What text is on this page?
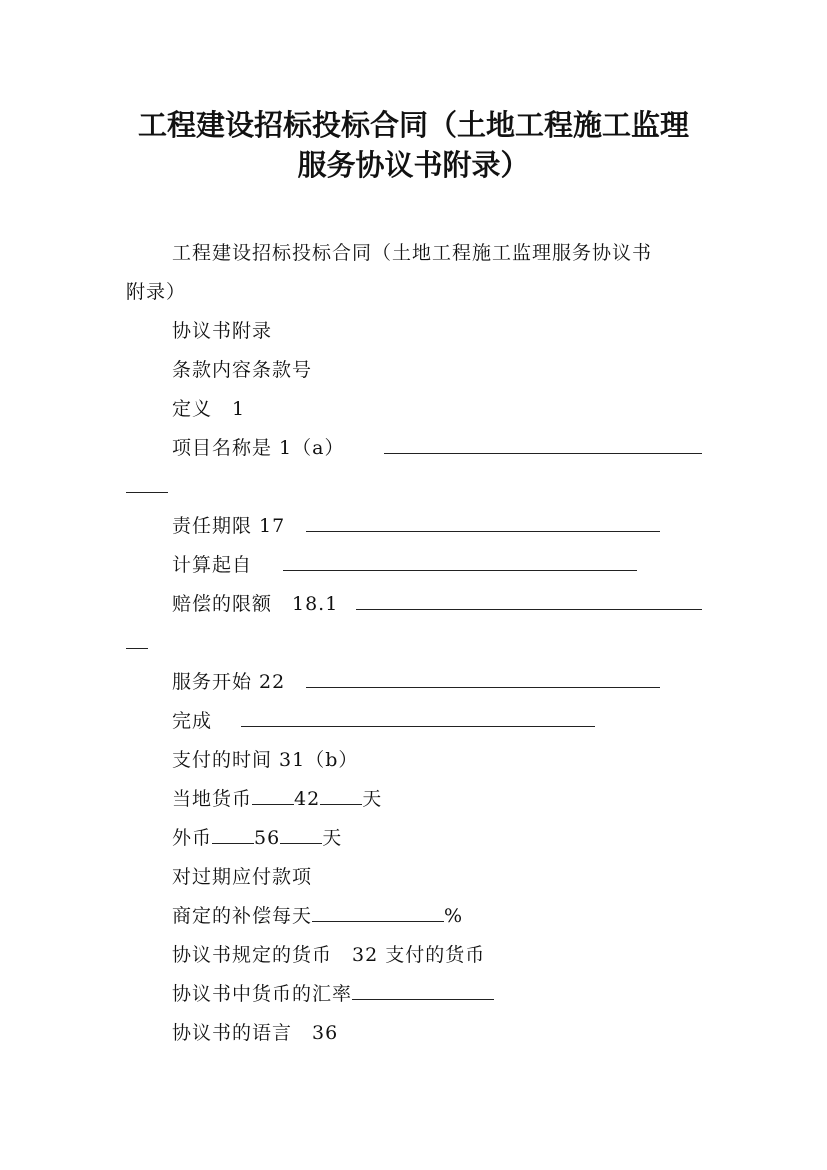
工程建设招标投标合同（土地工程施工监理
服务协议书附录）
工程建设招标投标合同（土地工程施工监理服务协议书
附录）
协议书附录
条款内容条款号
定义　1
项目名称是 1（a）
责任期限 17
计算起自
赔偿的限额　18.1
服务开始 22
完成
支付的时间 31（b）
当地货币 42 天
外币 56 天
对过期应付款项
商定的补偿每天	%
协议书规定的货币　32 支付的货币
协议书中货币的汇率
协议书的语言　36
